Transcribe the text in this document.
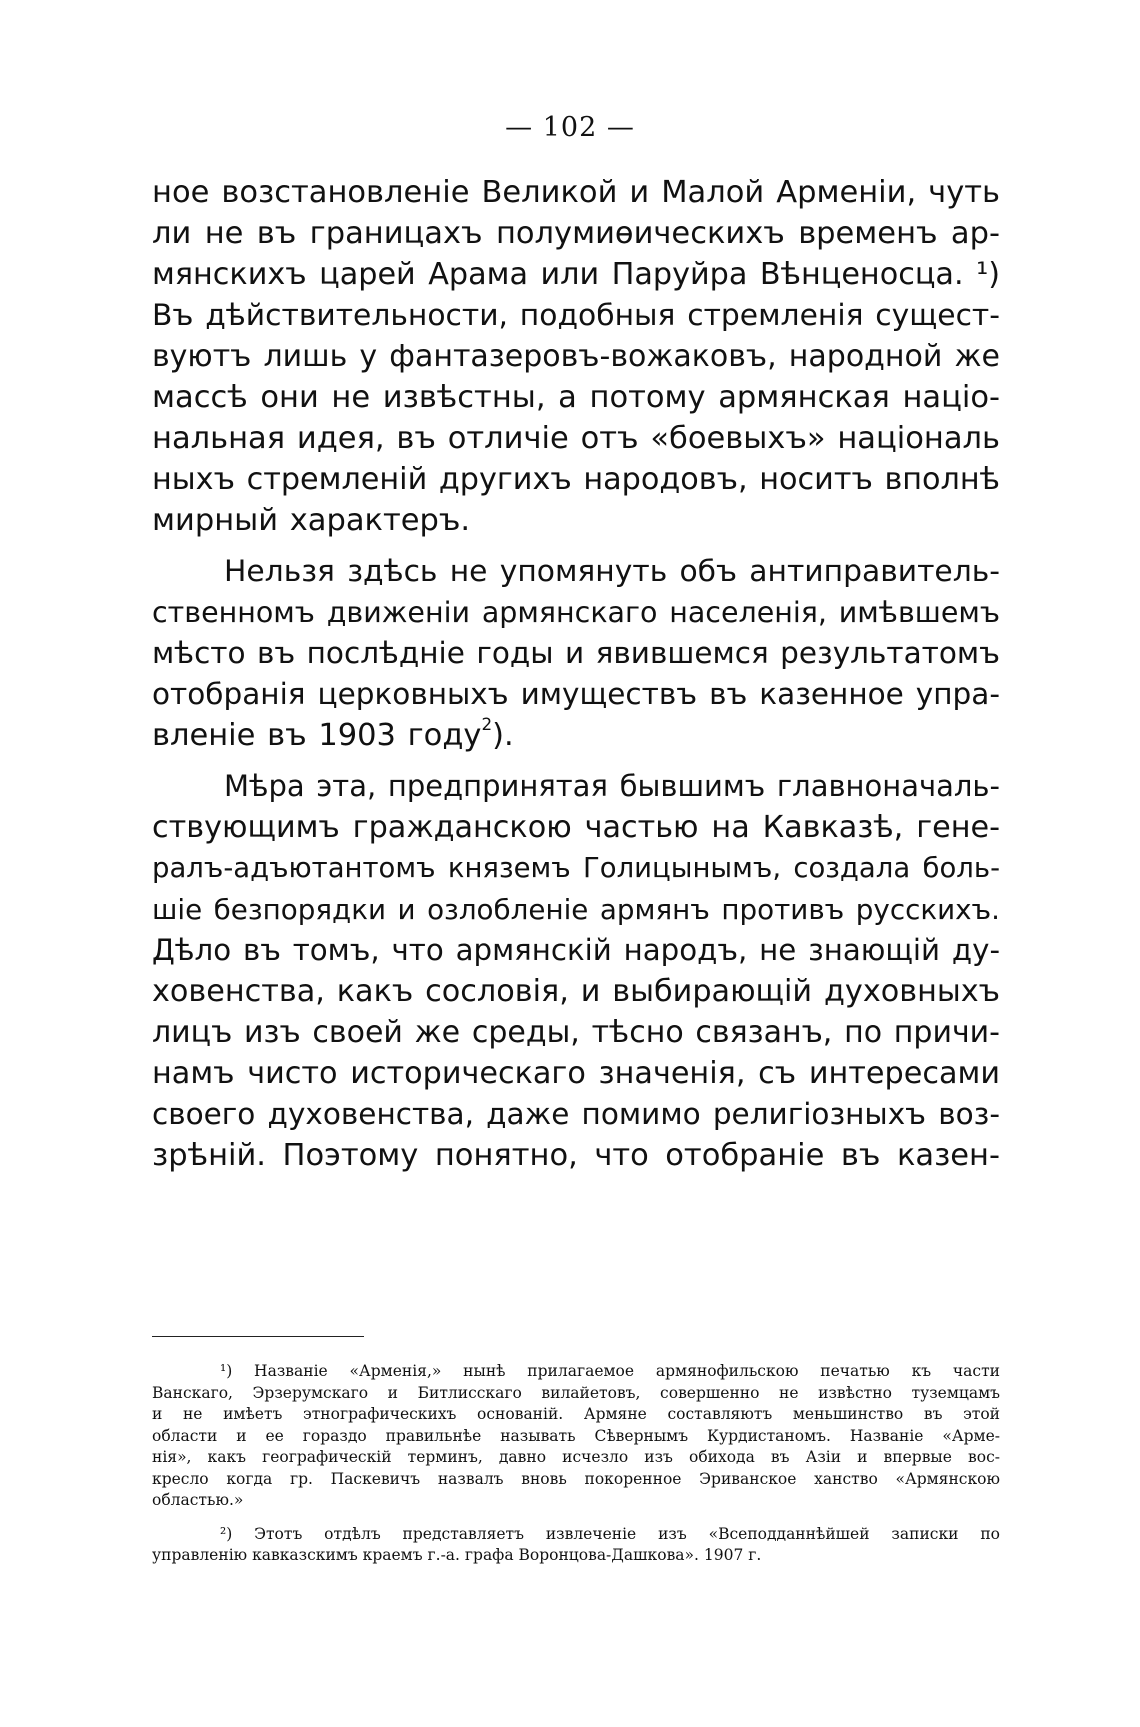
— 102 —
ное возстановленіе Великой и Малой Арменіи, чуть
ли не въ границахъ полумиѳическихъ временъ ар-
мянскихъ царей Арама или Паруйра Вѣнценосца. ¹)
Въ дѣйствительности, подобныя стремленія сущест-
вуютъ лишь у фантазеровъ-вожаковъ, народной же
массѣ они не извѣстны, а потому армянская націо-
нальная идея, въ отличіе отъ «боевыхъ» національ
ныхъ стремленій другихъ народовъ, носитъ вполнѣ
мирный характеръ.
Нельзя здѣсь не упомянуть объ антиправитель-
ственномъ движеніи армянскаго населенія, имѣвшемъ
мѣсто въ послѣдніе годы и явившемся результатомъ
отобранія церковныхъ имуществъ въ казенное упра-
вленіе въ 1903 году$^2$).
Мѣра эта, предпринятая бывшимъ главноначаль-
ствующимъ гражданскою частью на Кавказѣ, гене-
ралъ-адъютантомъ княземъ Голицынымъ, создала боль-
шіе безпорядки и озлобленіе армянъ противъ русскихъ.
Дѣло въ томъ, что армянскій народъ, не знающій ду-
ховенства, какъ сословія, и выбирающій духовныхъ
лицъ изъ своей же среды, тѣсно связанъ, по причи-
намъ чисто историческаго значенія, съ интересами
своего духовенства, даже помимо религіозныхъ воз-
зрѣній. Поэтому понятно, что отобраніе въ казен-
¹) Названіе «Арменія,» нынѣ прилагаемое армянофильскою печатью къ части
Ванскаго, Эрзерумскаго и Битлисскаго вилайетовъ, совершенно не извѣстно туземцамъ
и не имѣетъ этнографическихъ основаній. Армяне составляютъ меньшинство въ этой
области и ее гораздо правильнѣе называть Сѣвернымъ Курдистаномъ. Названіе «Арме-
нія», какъ географическій терминъ, давно исчезло изъ обихода въ Азіи и впервые вос-
кресло когда гр. Паскевичъ назвалъ вновь покоренное Эриванское ханство «Армянскою
областью.»
²) Этотъ отдѣлъ представляетъ извлеченіе изъ «Всеподданнѣйшей записки по
управленію кавказскимъ краемъ г.-а. графа Воронцова-Дашкова». 1907 г.
